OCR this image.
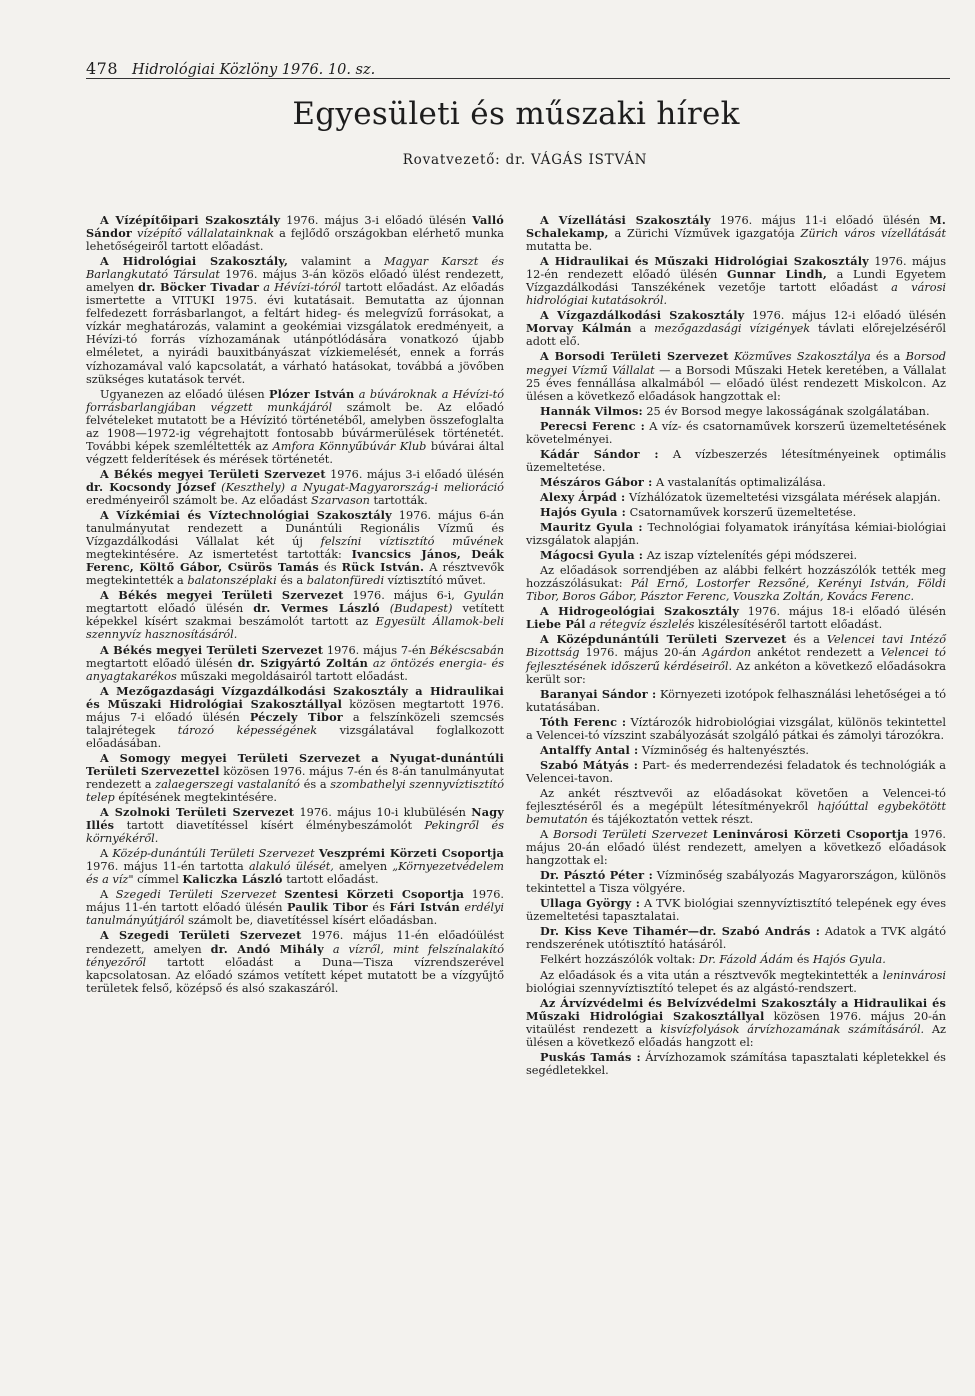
478 Hidrológiai Közlöny 1976. 10. sz.
Egyesületi és műszaki hírek
Rovatvezető: dr. VÁGÁS ISTVÁN

A Vízépítőipari Szakosztály 1976. május 3-i előadó ülésén Valló Sándor vízépítő vállalatainknak a fejlődő országokban elérhető munka lehetőségeiről tartott előadást.

A Hidrológiai Szakosztály, valamint a Magyar Karszt és Barlangkutató Társulat 1976. május 3-án közös előadó ülést rendezett, amelyen dr. Böcker Tivadar a Hévízi-tóról tartott előadást. Az előadás ismertette a VITUKI 1975. évi kutatásait. Bemutatta az újonnan felfedezett forrásbarlangot, a feltárt hideg- és melegvízű forrásokat, a vízkár meghatározás, valamint a geokémiai vizsgálatok eredményeit, a Hévízi-tó forrás vízhozamának utánpótlódására vonatkozó újabb elméletet, a nyirádi bauxitbányászat vízkiemelését, ennek a forrás vízhozamával való kapcsolatát, a várható hatásokat, továbbá a jövőben szükséges kutatások tervét.

Ugyanezen az előadó ülésen Plózer István a búvároknak a Hévízi-tó forrásbarlangjában végzett munkájáról számolt be. Az előadó felvételeket mutatott be a Hévízitó történetéből, amelyben összefoglalta az 1908—1972-ig végrehajtott fontosabb búvármerülések történetét. További képek szemléltették az Amfora Könnyűbúvár Klub búvárai által végzett felderítések és mérések történetét.

A Békés megyei Területi Szervezet 1976. május 3-i előadó ülésén dr. Kocsondy József (Keszthely) a Nyugat-Magyarország-i melioráció eredményeiről számolt be. Az előadást Szarvason tartották.

A Vízkémiai és Víztechnológiai Szakosztály 1976. május 6-án tanulmányutat rendezett a Dunántúli Regionális Vízmű és Vízgazdálkodási Vállalat két új felszíni víztisztító művének megtekintésére. Az ismertetést tartották: Ivancsics János, Deák Ferenc, Költő Gábor, Csürös Tamás és Rück István. A résztvevők megtekintették a balatonszéplaki és a balatonfüredi víztisztító művet.

A Békés megyei Területi Szervezet 1976. május 6-i, Gyulán megtartott előadó ülésén dr. Vermes László (Budapest) vetített képekkel kísért szakmai beszámolót tartott az Egyesült Államok-beli szennyvíz hasznosításáról.

A Békés megyei Területi Szervezet 1976. május 7-én Békéscsabán megtartott előadó ülésén dr. Szigyártó Zoltán az öntözés energia- és anyagtakarékos műszaki megoldásairól tartott előadást.

A Mezőgazdasági Vízgazdálkodási Szakosztály a Hidraulikai és Műszaki Hidrológiai Szakosztállyal közösen megtartott 1976. május 7-i előadó ülésén Péczely Tibor a felszínközeli szemcsés talajrétegek tározó képességének vizsgálatával foglalkozott előadásában.

A Somogy megyei Területi Szervezet a Nyugat-dunántúli Területi Szervezettel közösen 1976. május 7-én és 8-án tanulmányutat rendezett a zalaegerszegi vastalanító és a szombathelyi szennyvíztisztító telep építésének megtekintésére.

A Szolnoki Területi Szervezet 1976. május 10-i klubülésén Nagy Illés tartott diavetítéssel kísért élménybeszámolót Pekingről és környékéről.

A Közép-dunántúli Területi Szervezet Veszprémi Körzeti Csoportja 1976. május 11-én tartotta alakuló ülését, amelyen „Környezetvédelem és a víz" címmel Kaliczka László tartott előadást.

A Szegedi Területi Szervezet Szentesi Körzeti Csoportja 1976. május 11-én tartott előadó ülésén Paulik Tibor és Fári István erdélyi tanulmányútjáról számolt be, diavetítéssel kísért előadásban.

A Szegedi Területi Szervezet 1976. május 11-én előadóülést rendezett, amelyen dr. Andó Mihály a vízről, mint felszínalakító tényezőről tartott előadást a Duna—Tisza vízrendszerével kapcsolatosan. Az előadó számos vetített képet mutatott be a vízgyűjtő területek felső, középső és alsó szakaszáról.

A Vízellátási Szakosztály 1976. május 11-i előadó ülésén M. Schalekamp, a Zürichi Vízművek igazgatója Zürich város vízellátását mutatta be.

A Hidraulikai és Műszaki Hidrológiai Szakosztály 1976. május 12-én rendezett előadó ülésén Gunnar Lindh, a Lundi Egyetem Vízgazdálkodási Tanszékének vezetője tartott előadást a városi hidrológiai kutatásokról.

A Vízgazdálkodási Szakosztály 1976. május 12-i előadó ülésén Morvay Kálmán a mezőgazdasági vízigények távlati előrejelzéséről adott elő.

A Borsodi Területi Szervezet Közműves Szakosztálya és a Borsod megyei Vízmű Vállalat — a Borsodi Műszaki Hetek keretében, a Vállalat 25 éves fennállása alkalmából — előadó ülést rendezett Miskolcon. Az ülésen a következő előadások hangzottak el:

Hannák Vilmos: 25 év Borsod megye lakosságának szolgálatában.

Perecsi Ferenc : A víz- és csatornaművek korszerű üzemeltetésének követelményei.

Kádár Sándor : A vízbeszerzés létesítményeinek optimális üzemeltetése.

Mészáros Gábor : A vastalanítás optimalizálása.

Alexy Árpád : Vízhálózatok üzemeltetési vizsgálata mérések alapján.

Hajós Gyula : Csatornaművek korszerű üzemeltetése.

Mauritz Gyula : Technológiai folyamatok irányítása kémiai-biológiai vizsgálatok alapján.

Mágocsi Gyula : Az iszap víztelenítés gépi módszerei.

Az előadások sorrendjében az alábbi felkért hozzászólók tették meg hozzászólásukat: Pál Ernő, Lostorfer Rezsőné, Kerényi István, Földi Tibor, Boros Gábor, Pásztor Ferenc, Vouszka Zoltán, Kovács Ferenc.

A Hidrogeológiai Szakosztály 1976. május 18-i előadó ülésén Liebe Pál a rétegvíz észlelés kiszélesítéséről tartott előadást.

A Középdunántúli Területi Szervezet és a Velencei tavi Intéző Bizottság 1976. május 20-án Agárdon ankétot rendezett a Velencei tó fejlesztésének időszerű kérdéseiről. Az ankéton a következő előadásokra került sor:

Baranyai Sándor : Környezeti izotópok felhasználási lehetőségei a tó kutatásában.

Tóth Ferenc : Víztározók hidrobiológiai vizsgálat, különös tekintettel a Velencei-tó vízszint szabályozását szolgáló pátkai és zámolyi tározókra.

Antalffy Antal : Vízminőség és haltenyésztés.

Szabó Mátyás : Part- és mederrendezési feladatok és technológiák a Velencei-tavon.

Az ankét résztvevői az előadásokat követően a Velencei-tó fejlesztéséről és a megépült létesítményekről hajóúttal egybekötött bemutatón és tájékoztatón vettek részt.

A Borsodi Területi Szervezet Leninvárosi Körzeti Csoportja 1976. május 20-án előadó ülést rendezett, amelyen a következő előadások hangzottak el:

Dr. Pásztó Péter : Vízminőség szabályozás Magyarországon, különös tekintettel a Tisza völgyére.

Ullaga György : A TVK biológiai szennyvíztisztító telepének egy éves üzemeltetési tapasztalatai.

Dr. Kiss Keve Tihamér—dr. Szabó András : Adatok a TVK algátó rendszerének utótisztító hatásáról.

Felkért hozzászólók voltak: Dr. Fázold Ádám és Hajós Gyula.

Az előadások és a vita után a résztvevők megtekintették a leninvárosi biológiai szennyvíztisztító telepet és az algástó-rendszert.

Az Árvízvédelmi és Belvízvédelmi Szakosztály a Hidraulikai és Műszaki Hidrológiai Szakosztállyal közösen 1976. május 20-án vitaülést rendezett a kisvízfolyások árvízhozamának számításáról. Az ülésen a következő előadás hangzott el:

Puskás Tamás : Árvízhozamok számítása tapasztalati képletekkel és segédletekkel.
